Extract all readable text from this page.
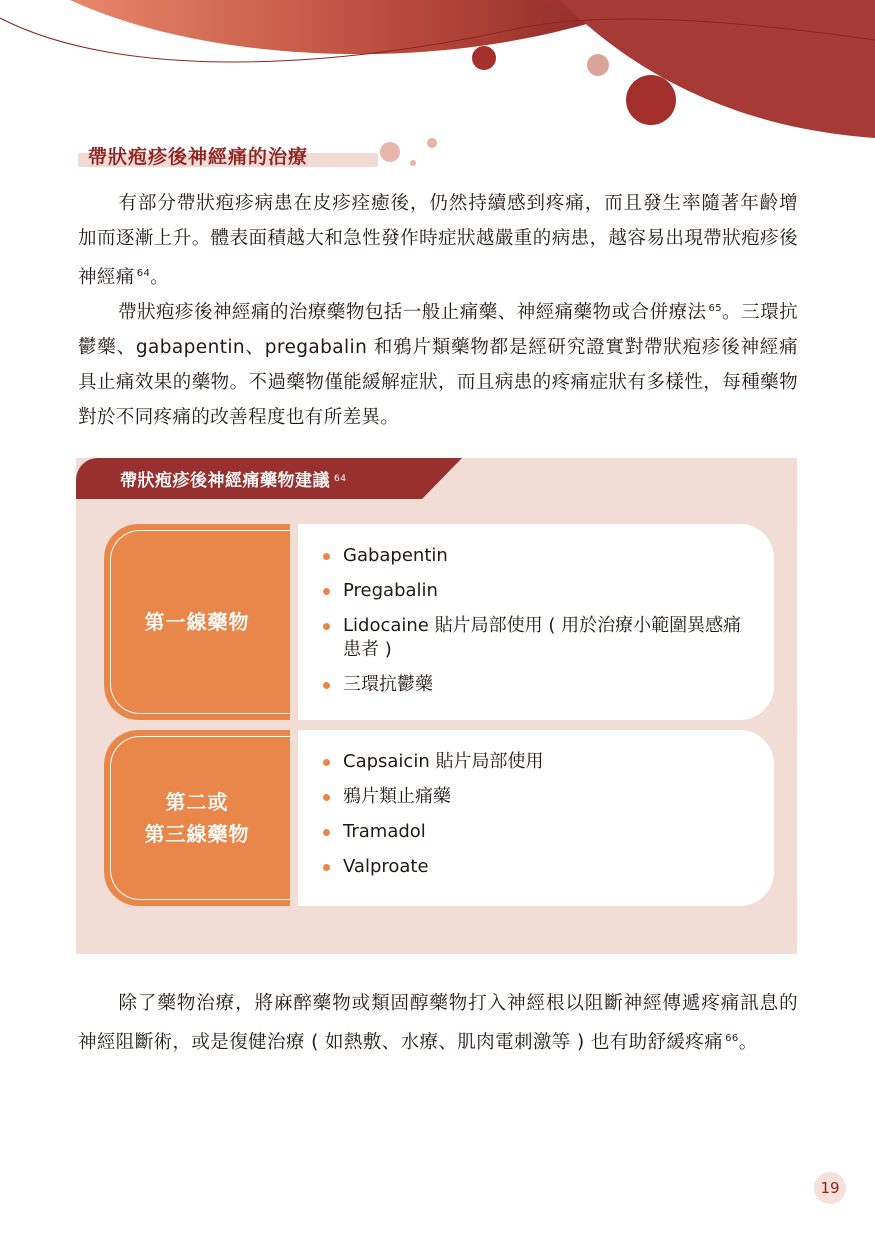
帶狀疱疹後神經痛的治療

有部分帶狀疱疹病患在皮疹痊癒後，仍然持續感到疼痛，而且發生率隨著年齡增加而逐漸上升。體表面積越大和急性發作時症狀越嚴重的病患，越容易出現帶狀疱疹後神經痛 $^{64}$。

帶狀疱疹後神經痛的治療藥物包括一般止痛藥、神經痛藥物或合併療法 $^{65}$。三環抗鬱藥、gabapentin、pregabalin 和鴉片類藥物都是經研究證實對帶狀疱疹後神經痛具止痛效果的藥物。不過藥物僅能緩解症狀，而且病患的疼痛症狀有多樣性，每種藥物對於不同疼痛的改善程度也有所差異。

帶狀疱疹後神經痛藥物建議 64
第一線藥物
Gabapentin
Pregabalin
Lidocaine 貼片局部使用 ( 用於治療小範圍異感痛患者 )
三環抗鬱藥
第二或
第三線藥物
Capsaicin 貼片局部使用
鴉片類止痛藥
Tramadol
Valproate

除了藥物治療，將麻醉藥物或類固醇藥物打入神經根以阻斷神經傳遞疼痛訊息的神經阻斷術，或是復健治療 ( 如熱敷、水療、肌肉電刺激等 ) 也有助舒緩疼痛 $^{66}$。

19
